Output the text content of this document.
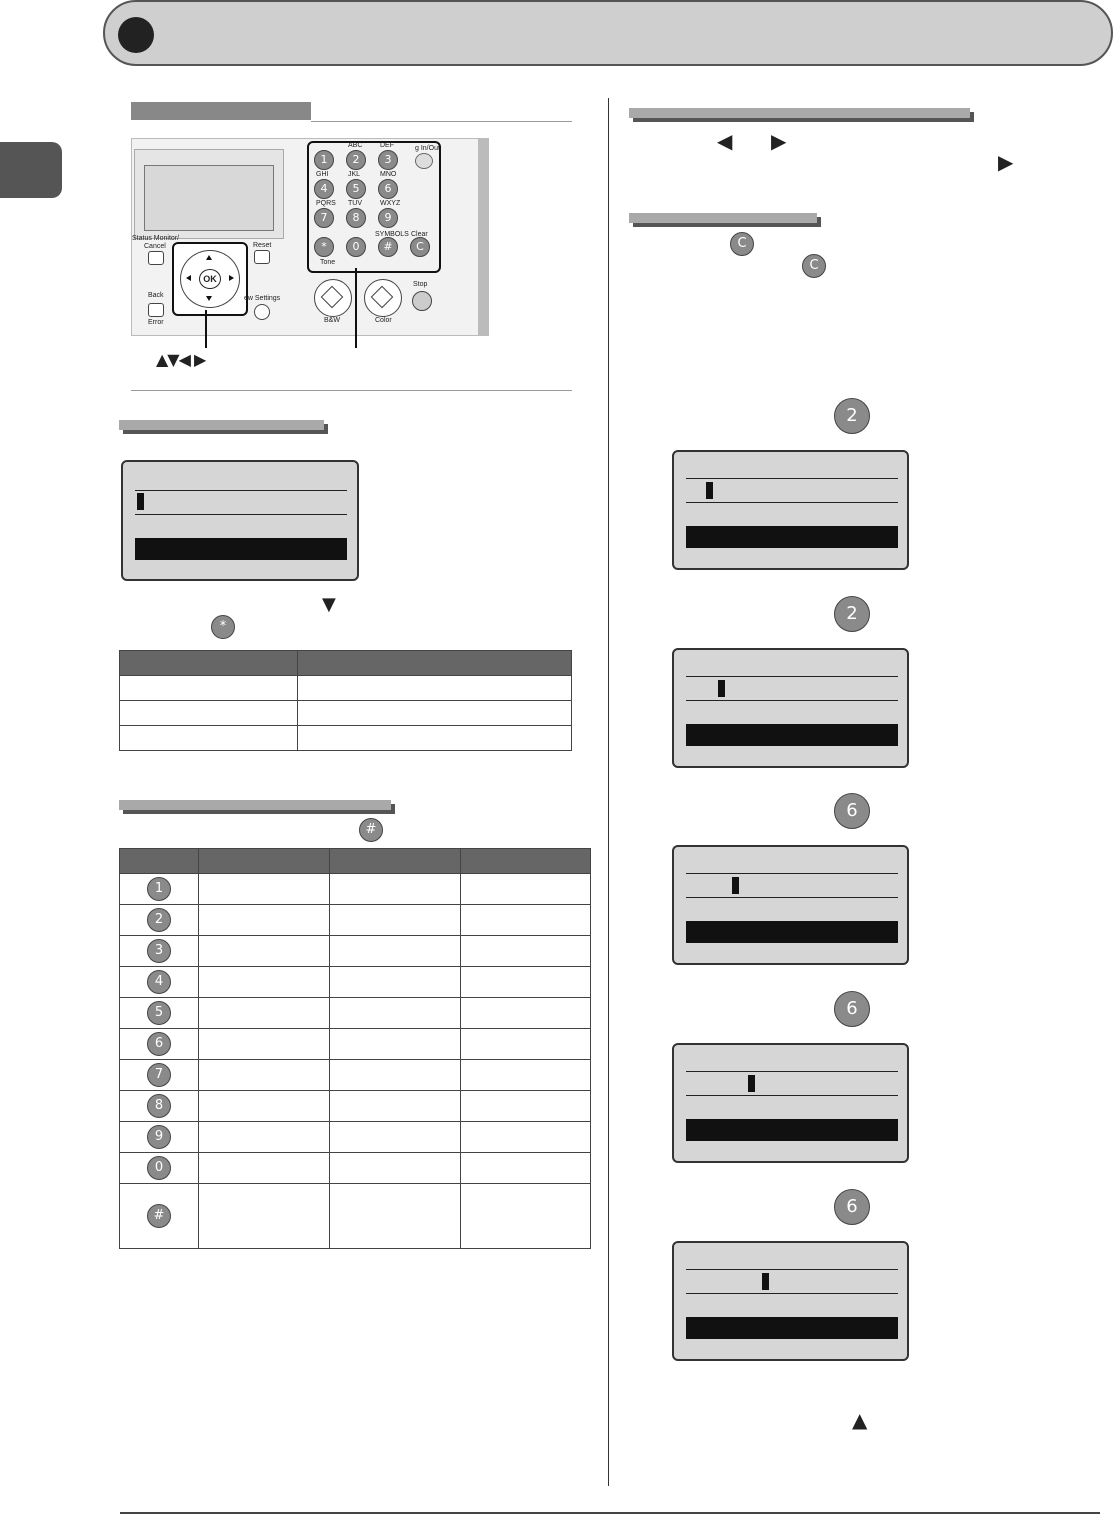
Status Monitor/
Cancel
Back
Error
OK
Reset
ew Settings
1
ABC
2
DEF
3
GHI
4
JKL
5
MNO
6
PQRS
7
TUV
8
WXYZ
9
*	0	#	C
g In/Out
Tone
SYMBOLS Clear
B&W	Color
Stop
▲▼◀ ▶
▼
*

#

1			
2			
3			
4			
5			
6			
7			
8			
9			
0			
#			
◀ ▶
▶
C
C
2
2
6
6
6
▲
